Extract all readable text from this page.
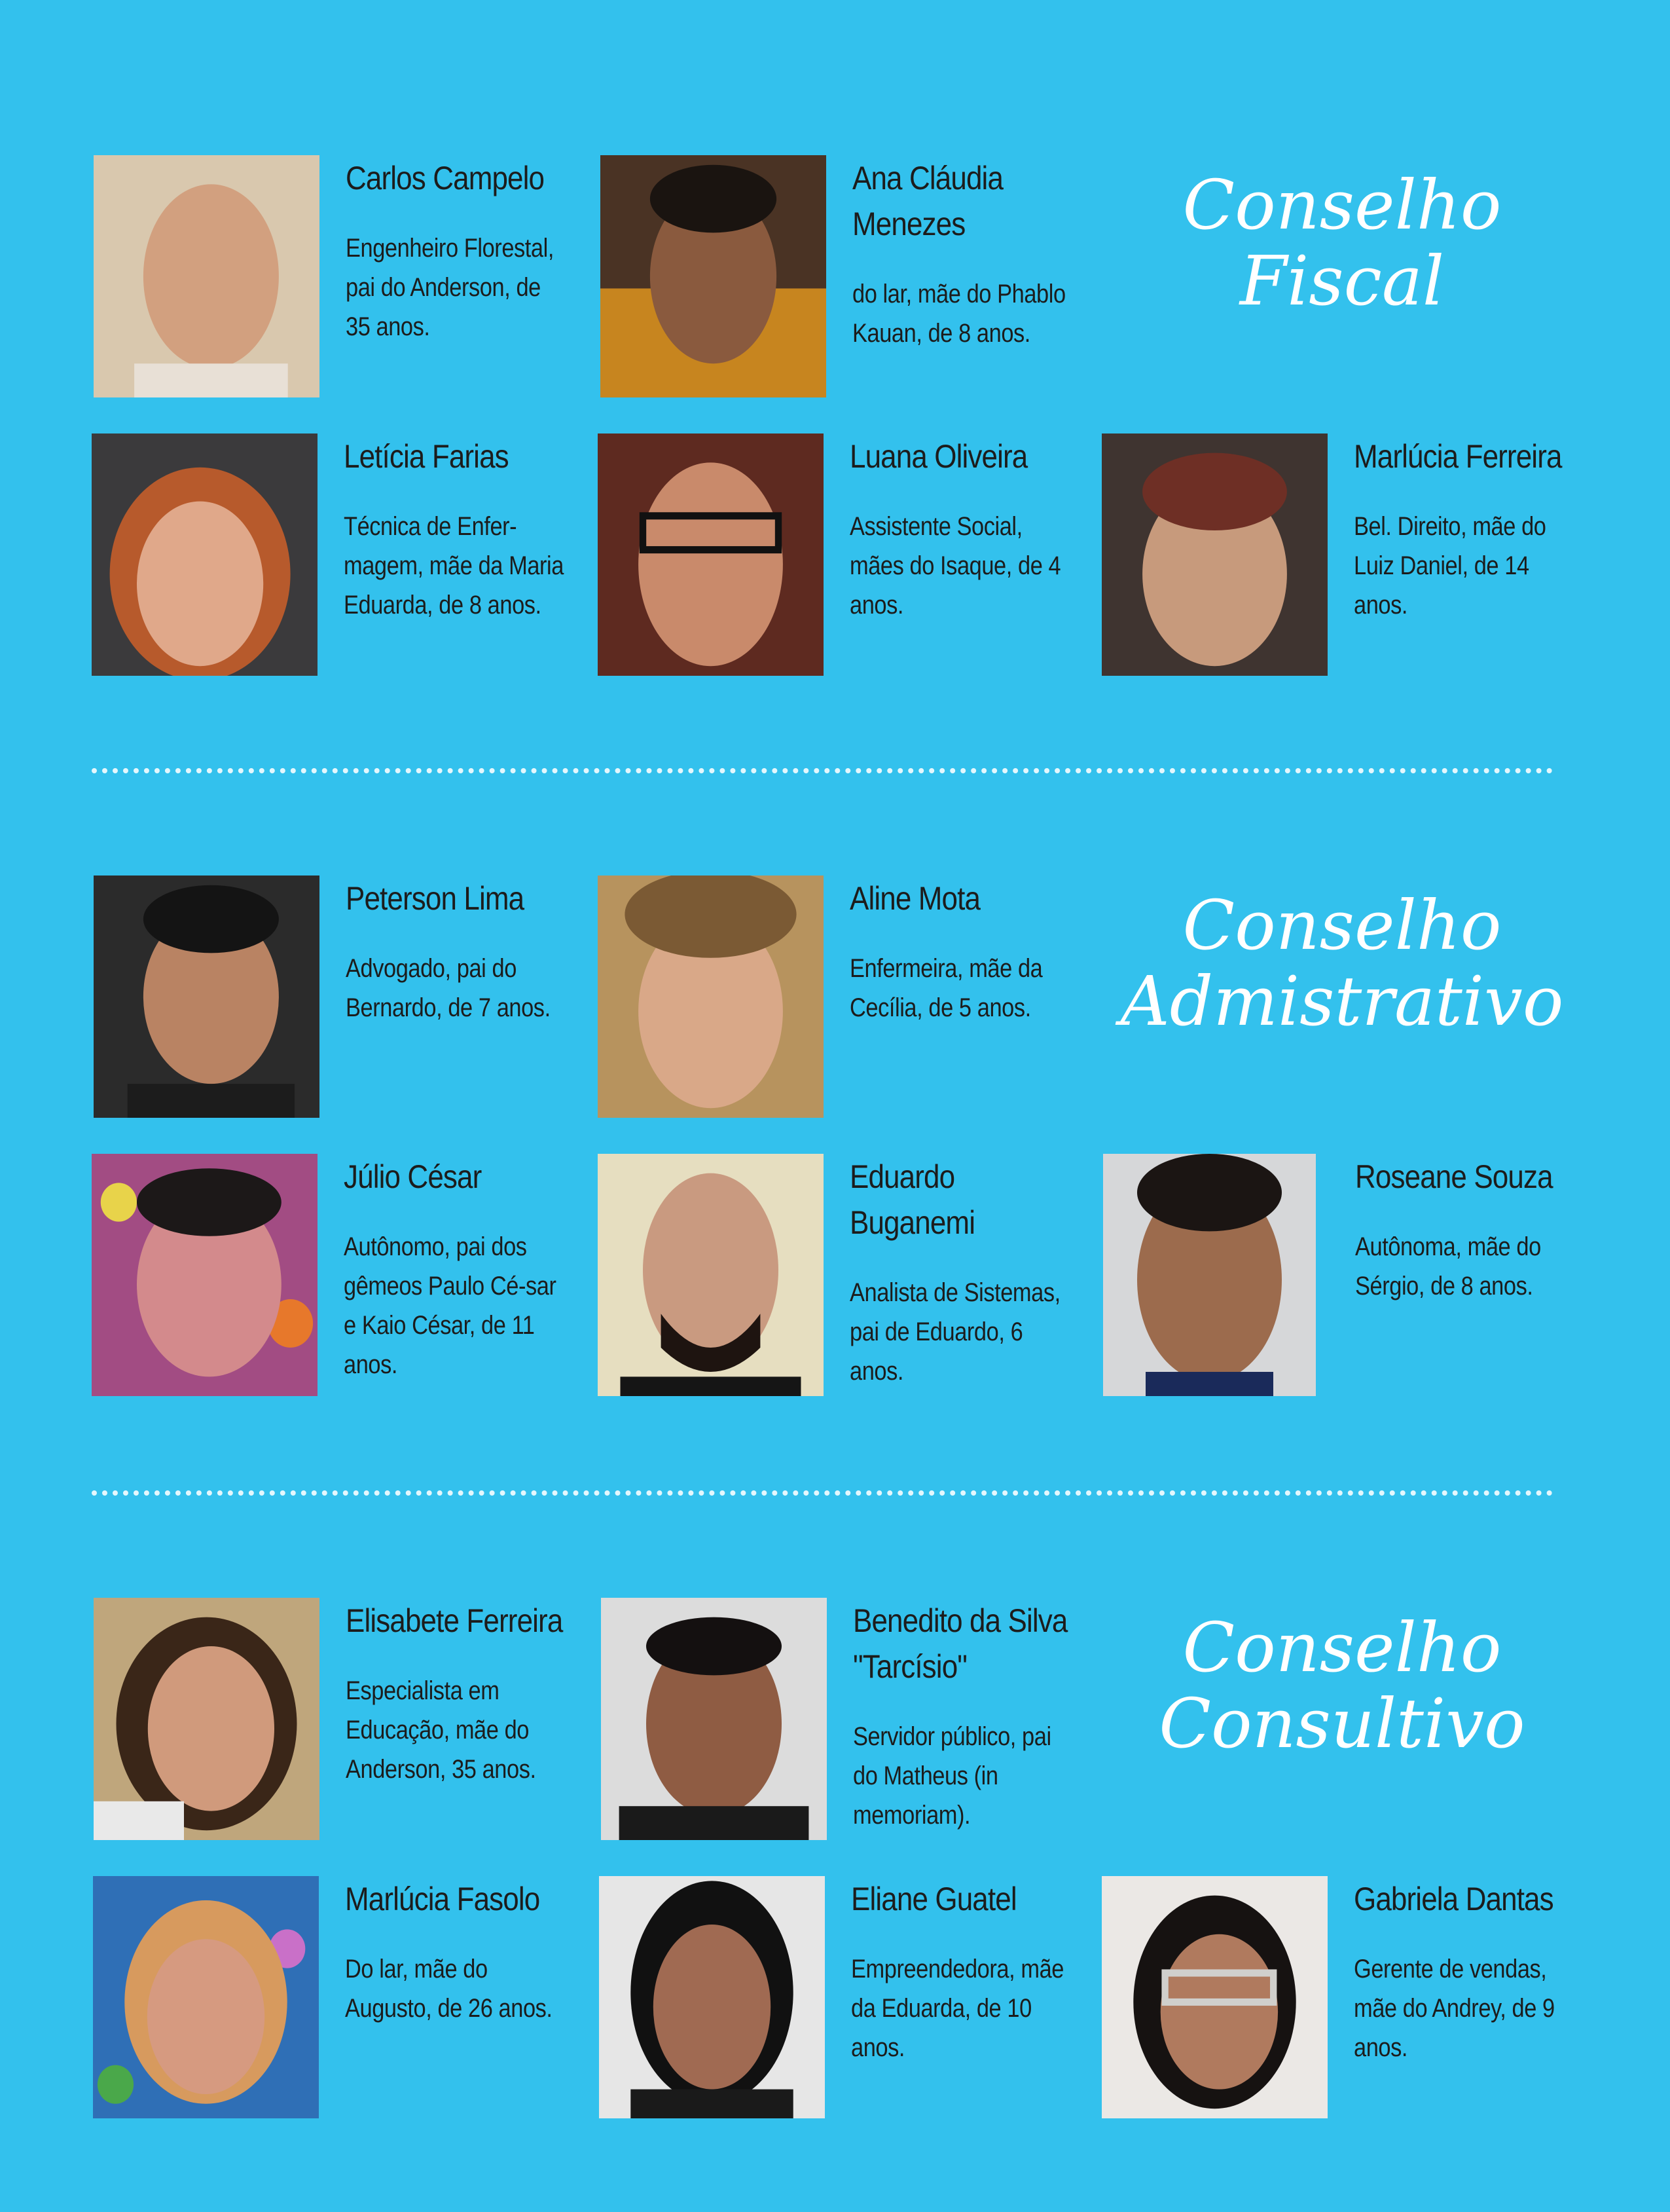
Conselho
Fiscal
Carlos Campelo
Engenheiro Florestal, pai do Anderson, de 35 anos.
Ana Cláudia Menezes
do lar, mãe do Phablo Kauan, de 8 anos.
Letícia Farias
Técnica de Enfer-magem, mãe da Maria Eduarda, de 8 anos.
Luana Oliveira
Assistente Social, mães do Isaque, de 4 anos.
Marlúcia Ferreira
Bel. Direito, mãe do Luiz Daniel, de 14 anos.
Conselho
Admistrativo
Peterson Lima
Advogado, pai do Bernardo, de 7 anos.
Aline Mota
Enfermeira, mãe da Cecília, de 5 anos.
Júlio César
Autônomo, pai dos gêmeos Paulo Cé-sar e Kaio César, de 11 anos.
Eduardo Buganemi
Analista de Sistemas, pai de Eduardo, 6 anos.
Roseane Souza
Autônoma, mãe do Sérgio, de 8 anos.
Conselho
Consultivo
Elisabete Ferreira
Especialista em Educação, mãe do Anderson, 35 anos.
Benedito da Silva "Tarcísio"
Servidor público, pai do Matheus (in memoriam).
Marlúcia Fasolo
Do lar, mãe do Augusto, de 26 anos.
Eliane Guatel
Empreendedora, mãe da Eduarda, de 10 anos.
Gabriela Dantas
Gerente de vendas, mãe do Andrey, de 9 anos.
